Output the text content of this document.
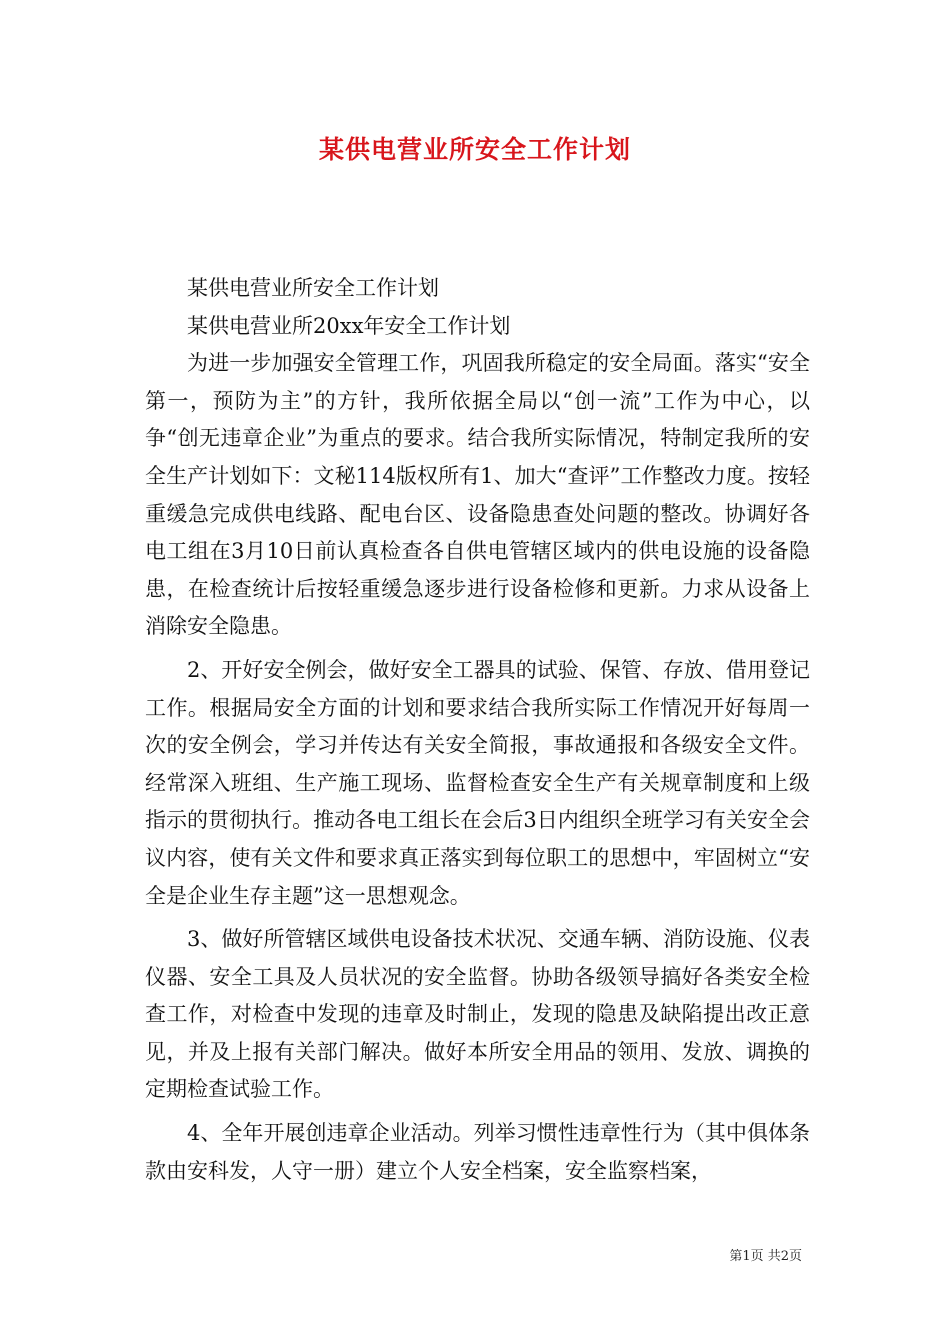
某供电营业所安全工作计划

某供电营业所安全工作计划

某供电营业所20xx年安全工作计划

为进一步加强安全管理工作，巩固我所稳定的安全局面。落实“安全第一，预防为主”的方针，我所依据全局以“创一流”工作为中心，以争“创无违章企业”为重点的要求。结合我所实际情况，特制定我所的安全生产计划如下：文秘114版权所有1、加大“查评”工作整改力度。按轻重缓急完成供电线路、配电台区、设备隐患查处问题的整改。协调好各电工组在3月10日前认真检查各自供电管辖区域内的供电设施的设备隐患，在检查统计后按轻重缓急逐步进行设备检修和更新。力求从设备上消除安全隐患。

2、开好安全例会，做好安全工器具的试验、保管、存放、借用登记工作。根据局安全方面的计划和要求结合我所实际工作情况开好每周一次的安全例会，学习并传达有关安全简报，事故通报和各级安全文件。经常深入班组、生产施工现场、监督检查安全生产有关规章制度和上级指示的贯彻执行。推动各电工组长在会后3日内组织全班学习有关安全会议内容，使有关文件和要求真正落实到每位职工的思想中，牢固树立“安全是企业生存主题”这一思想观念。

3、做好所管辖区域供电设备技术状况、交通车辆、消防设施、仪表仪器、安全工具及人员状况的安全监督。协助各级领导搞好各类安全检查工作，对检查中发现的违章及时制止，发现的隐患及缺陷提出改正意见，并及上报有关部门解决。做好本所安全用品的领用、发放、调换的定期检查试验工作。

4、全年开展创违章企业活动。列举习惯性违章性行为（其中俱体条款由安科发，人守一册）建立个人安全档案，安全监察档案，

第1页 共2页
